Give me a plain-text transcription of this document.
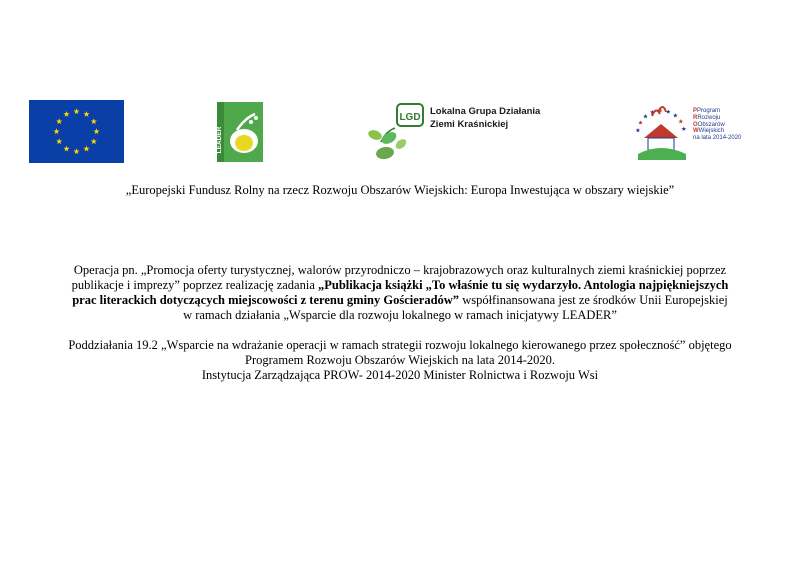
LEADER
LGD
Lokalna Grupa Działania
Ziemi Kraśnickiej
PProgram
RRozwoju
OObszarów
WWiejskich
na lata 2014-2020
„Europejski Fundusz Rolny na rzecz Rozwoju Obszarów Wiejskich: Europa Inwestująca w obszary wiejskie”
Operacja pn. „Promocja oferty turystycznej, walorów przyrodniczo – krajobrazowych oraz kulturalnych ziemi kraśnickiej poprzez
publikacje i imprezy” poprzez realizację zadania „Publikacja książki „To właśnie tu się wydarzyło. Antologia najpiękniejszych
prac literackich dotyczących miejscowości z terenu gminy Gościeradów” współfinansowana jest ze środków Unii Europejskiej
w ramach działania „Wsparcie dla rozwoju lokalnego w ramach inicjatywy LEADER”
Poddziałania 19.2 „Wsparcie na wdrażanie operacji w ramach strategii rozwoju lokalnego kierowanego przez społeczność” objętego
Programem Rozwoju Obszarów Wiejskich na lata 2014-2020.
Instytucja Zarządzająca PROW- 2014-2020 Minister Rolnictwa i Rozwoju Wsi
